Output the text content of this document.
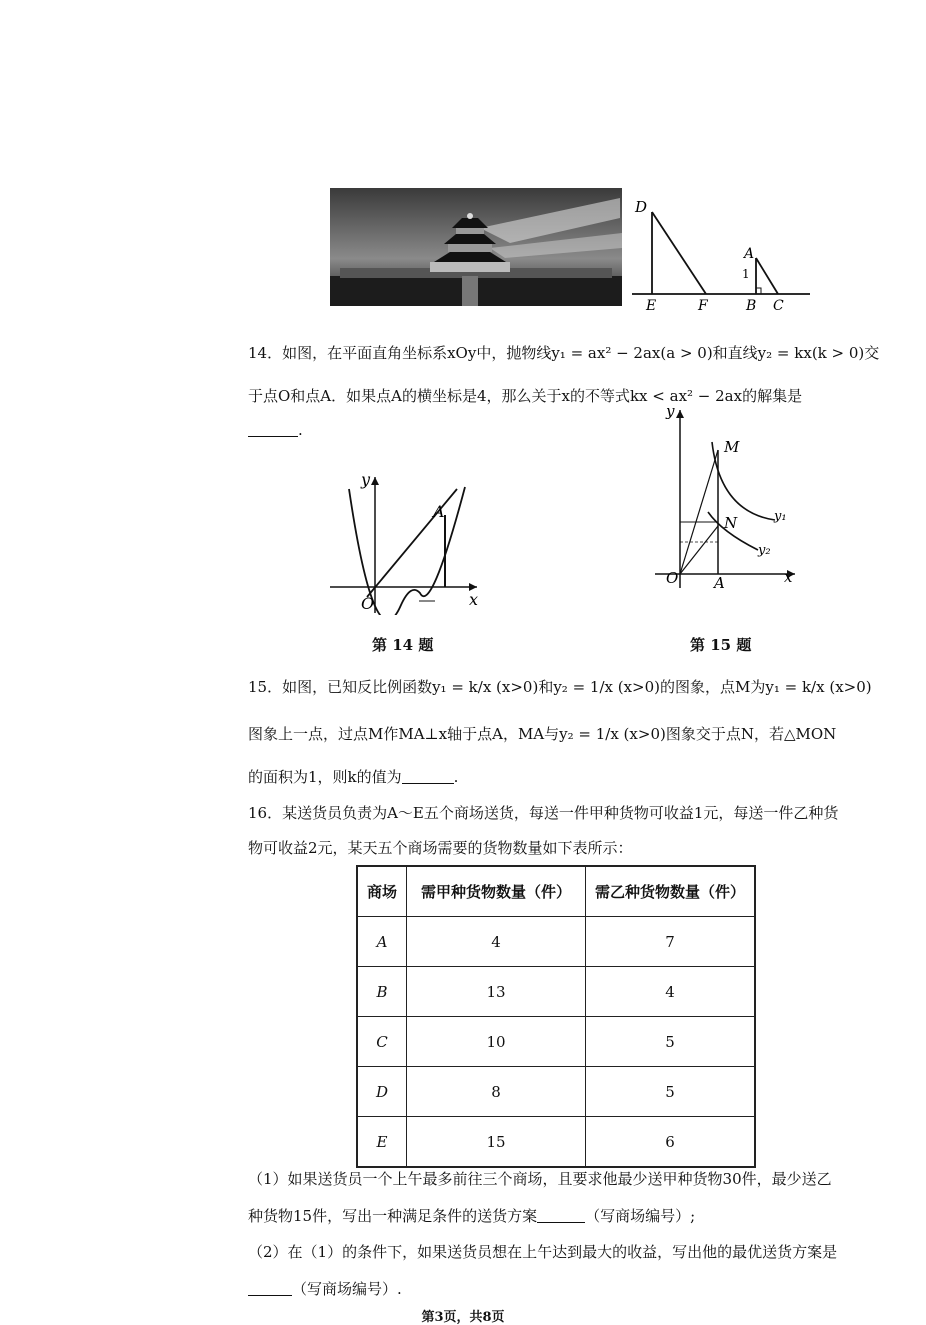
D
E	F
A
B C
1
14．如图，在平面直角坐标系xOy中，抛物线y₁ = ax² − 2ax(a > 0)和直线y₂ = kx(k > 0)交
于点O和点A．如果点A的横坐标是4，那么关于x的不等式kx < ax² − 2ax的解集是
.
y
x
O
A
第 14 题
y
x
O A
M
N	y₁
y₂
第 15 题
15．如图，已知反比例函数y₁ = k/x (x>0)和y₂ = 1/x (x>0)的图象，点M为y₁ = k/x (x>0)
图象上一点，过点M作MA⊥x轴于点A，MA与y₂ = 1/x (x>0)图象交于点N，若△MON
的面积为1，则k的值为	.
16．某送货员负责为A～E五个商场送货，每送一件甲种货物可收益1元，每送一件乙种货
物可收益2元，某天五个商场需要的货物数量如下表所示：
商场	需甲种货物数量（件）	需乙种货物数量（件）
A	4	7
B	13	4
C	10	5
D	8	5
E	15	6
（1）如果送货员一个上午最多前往三个商场，且要求他最少送甲种货物30件，最少送乙
种货物15件，写出一种满足条件的送货方案	（写商场编号）;
（2）在（1）的条件下，如果送货员想在上午达到最大的收益，写出他的最优送货方案是
（写商场编号）.
第3页，共8页
